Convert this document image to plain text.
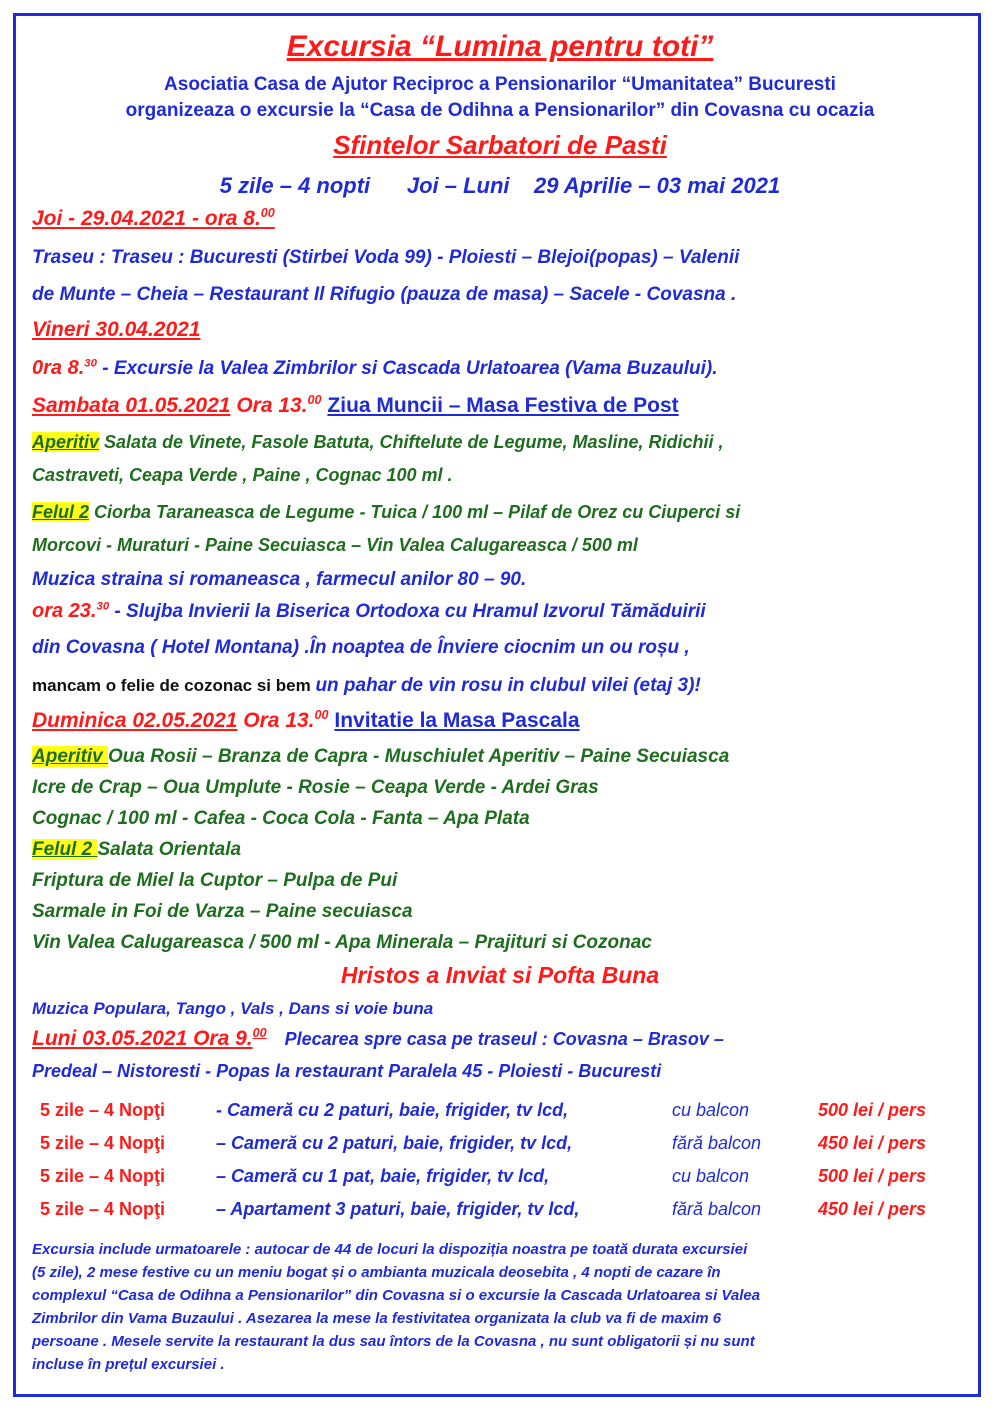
Excursia “Lumina pentru toti”
Asociatia Casa de Ajutor Reciproc a Pensionarilor “Umanitatea” Bucuresti
organizeaza o excursie la “Casa de Odihna a Pensionarilor” din Covasna cu ocazia
Sfintelor Sarbatori de Pasti
5 zile – 4 nopti      Joi – Luni    29 Aprilie – 03 mai 2021
Joi - 29.04.2021 - ora 8.00
Traseu : Traseu : Bucuresti (Stirbei Voda 99) - Ploiesti – Blejoi(popas) – Valenii
de Munte – Cheia – Restaurant Il Rifugio (pauza de masa) – Sacele - Covasna .
Vineri 30.04.2021
0ra 8.30 - Excursie la Valea Zimbrilor si Cascada Urlatoarea (Vama Buzaului).
Sambata 01.05.2021 Ora 13.00 Ziua Muncii – Masa Festiva de Post
Aperitiv Salata de Vinete, Fasole Batuta, Chiftelute de Legume, Masline, Ridichii ,
Castraveti, Ceapa Verde , Paine , Cognac 100 ml .
Felul 2 Ciorba Taraneasca de Legume - Tuica / 100 ml – Pilaf de Orez cu Ciuperci si
Morcovi - Muraturi - Paine Secuiasca – Vin Valea Calugareasca / 500 ml
Muzica straina si romaneasca , farmecul anilor 80 – 90.
ora 23.30 - Slujba Invierii la Biserica Ortodoxa cu Hramul Izvorul Tămăduirii
din Covasna ( Hotel Montana) .În noaptea de Înviere ciocnim un ou roșu ,
mancam o felie de cozonac si bem un pahar de vin rosu in clubul vilei (etaj 3)!
Duminica 02.05.2021 Ora 13.00 Invitatie la Masa Pascala
Aperitiv Oua Rosii – Branza de Capra - Muschiulet Aperitiv – Paine Secuiasca
Icre de Crap – Oua Umplute - Rosie – Ceapa Verde - Ardei Gras
Cognac / 100 ml - Cafea - Coca Cola - Fanta – Apa Plata
Felul 2 Salata Orientala
Friptura de Miel la Cuptor – Pulpa de Pui
Sarmale in Foi de Varza – Paine secuiasca
Vin Valea Calugareasca / 500 ml - Apa Minerala – Prajituri si Cozonac
Hristos a Inviat si Pofta Buna
Muzica Populara, Tango , Vals , Dans si voie buna
Luni 03.05.2021 Ora 9.00 Plecarea spre casa pe traseul : Covasna – Brasov –
Predeal – Nistoresti - Popas la restaurant Paralela 45 - Ploiesti - Bucuresti
5 zile – 4 Nopţi	- Cameră cu 2 paturi, baie, frigider, tv lcd,	cu balcon	500 lei / pers
5 zile – 4 Nopţi	– Cameră cu 2 paturi, baie, frigider, tv lcd,	fără balcon	450 lei / pers
5 zile – 4 Nopţi	– Cameră cu 1 pat, baie, frigider, tv lcd,	cu balcon	500 lei / pers
5 zile – 4 Nopţi	– Apartament 3 paturi, baie, frigider, tv lcd,	fără balcon	450 lei / pers
Excursia include urmatoarele : autocar de 44 de locuri la dispoziția noastra pe toată durata excursiei
(5 zile), 2 mese festive cu un meniu bogat și o ambianta muzicala deosebita , 4 nopti de cazare în
complexul “Casa de Odihna a Pensionarilor” din Covasna si o excursie la Cascada Urlatoarea si Valea
Zimbrilor din Vama Buzaului . Asezarea la mese la festivitatea organizata la club va fi de maxim 6
persoane . Mesele servite la restaurant la dus sau întors de la Covasna , nu sunt obligatorii și nu sunt
incluse în prețul excursiei .
